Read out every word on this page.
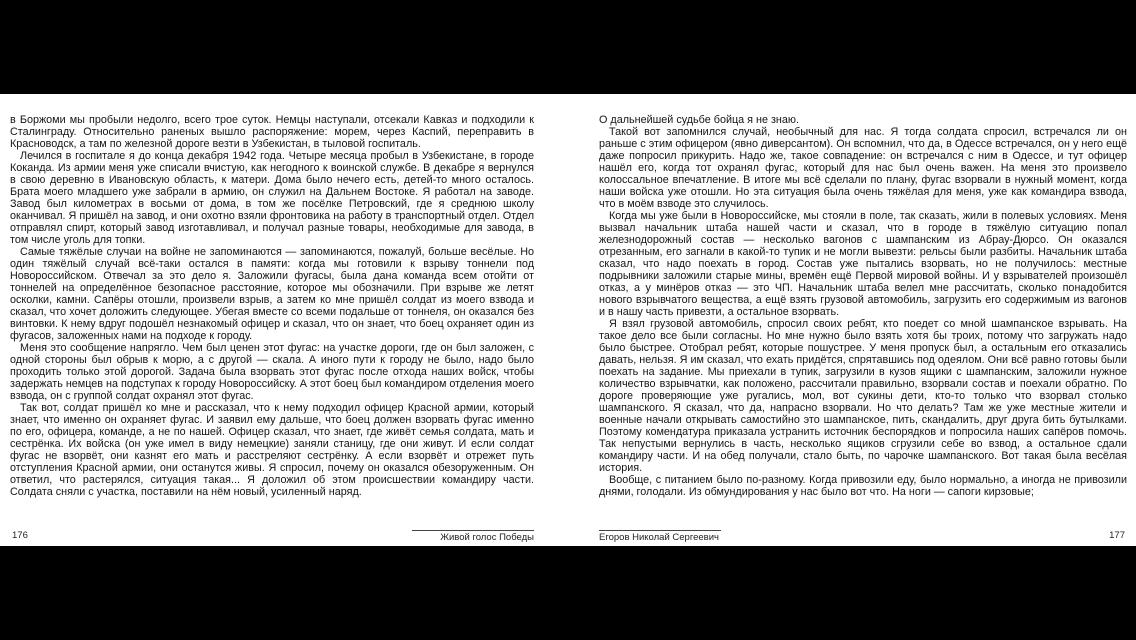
в Боржоми мы пробыли недолго, всего трое суток. Немцы наступали, отсекали Кавказ и подходили к Сталинграду. Относительно раненых вышло распоряжение: морем, через Каспий, переправить в Красноводск, а там по железной дороге везти в Узбекистан, в тыловой госпиталь.

Лечился в госпитале я до конца декабря 1942 года. Четыре месяца пробыл в Узбекистане, в городе Коканда. Из армии меня уже списали вчистую, как негодного к воинской службе. В декабре я вернулся в свою деревню в Ивановскую область, к матери. Дома было нечего есть, детей-то много осталось. Брата моего младшего уже забрали в армию, он служил на Дальнем Востоке. Я работал на заводе. Завод был километрах в восьми от дома, в том же посёлке Петровский, где я среднюю школу оканчивал. Я пришёл на завод, и они охотно взяли фронтовика на работу в транспортный отдел. Отдел отправлял спирт, который завод изготавливал, и получал разные товары, необходимые для завода, в том числе уголь для топки.

Самые тяжёлые случаи на войне не запоминаются — запоминаются, пожалуй, больше весёлые. Но один тяжёлый случай всё-таки остался в памяти: когда мы готовили к взрыву тоннели под Новороссийском. Отвечал за это дело я. Заложили фугасы, была дана команда всем отойти от тоннелей на определённое безопасное расстояние, которое мы обозначили. При взрыве же летят осколки, камни. Сапёры отошли, произвели взрыв, а затем ко мне пришёл солдат из моего взвода и сказал, что хочет доложить следующее. Убегая вместе со всеми подальше от тоннеля, он оказался без винтовки. К нему вдруг подошёл незнакомый офицер и сказал, что он знает, что боец охраняет один из фугасов, заложенных нами на подходе к городу.

Меня это сообщение напрягло. Чем был ценен этот фугас: на участке дороги, где он был заложен, с одной стороны был обрыв к морю, а с другой — скала. А иного пути к городу не было, надо было проходить только этой дорогой. Задача была взорвать этот фугас после отхода наших войск, чтобы задержать немцев на подступах к городу Новороссийску. А этот боец был командиром отделения моего взвода, он с группой солдат охранял этот фугас.

Так вот, солдат пришёл ко мне и рассказал, что к нему подходил офицер Красной армии, который знает, что именно он охраняет фугас. И заявил ему дальше, что боец должен взорвать фугас именно по его, офицера, команде, а не по нашей. Офицер сказал, что знает, где живёт семья солдата, мать и сестрёнка. Их войска (он уже имел в виду немецкие) заняли станицу, где они живут. И если солдат фугас не взорвёт, они казнят его мать и расстреляют сестрёнку. А если взорвёт и отрежет путь отступления Красной армии, они останутся живы. Я спросил, почему он оказался обезоруженным. Он ответил, что растерялся, ситуация такая... Я доложил об этом происшествии командиру части. Солдата сняли с участка, поставили на нём новый, усиленный наряд.

176	Живой голос Победы

О дальнейшей судьбе бойца я не знаю.

Такой вот запомнился случай, необычный для нас. Я тогда солдата спросил, встречался ли он раньше с этим офицером (явно диверсантом). Он вспомнил, что да, в Одессе встречался, он у него ещё даже попросил прикурить. Надо же, такое совпадение: он встречался с ним в Одессе, и тут офицер нашёл его, когда тот охранял фугас, который для нас был очень важен. На меня это произвело колоссальное впечатление. В итоге мы всё сделали по плану, фугас взорвали в нужный момент, когда наши войска уже отошли. Но эта ситуация была очень тяжёлая для меня, уже как командира взвода, что в моём взводе это случилось.

Когда мы уже были в Новороссийске, мы стояли в поле, так сказать, жили в полевых условиях. Меня вызвал начальник штаба нашей части и сказал, что в городе в тяжёлую ситуацию попал железнодорожный состав — несколько вагонов с шампанским из Абрау-Дюрсо. Он оказался отрезанным, его загнали в какой-то тупик и не могли вывезти: рельсы были разбиты. Начальник штаба сказал, что надо поехать в город. Состав уже пытались взорвать, но не получилось: местные подрывники заложили старые мины, времён ещё Первой мировой войны. И у взрывателей произошёл отказ, а у минёров отказ — это ЧП. Начальник штаба велел мне рассчитать, сколько понадобится нового взрывчатого вещества, а ещё взять грузовой автомобиль, загрузить его содержимым из вагонов и в нашу часть привезти, а остальное взорвать.

Я взял грузовой автомобиль, спросил своих ребят, кто поедет со мной шампанское взрывать. На такое дело все были согласны. Но мне нужно было взять хотя бы троих, потому что загружать надо было быстрее. Отобрал ребят, которые пошустрее. У меня пропуск был, а остальным его отказались давать, нельзя. Я им сказал, что ехать придётся, спрятавшись под одеялом. Они всё равно готовы были поехать на задание. Мы приехали в тупик, загрузили в кузов ящики с шампанским, заложили нужное количество взрывчатки, как положено, рассчитали правильно, взорвали состав и поехали обратно. По дороге проверяющие уже ругались, мол, вот сукины дети, кто-то только что взорвал столько шампанского. Я сказал, что да, напрасно взорвали. Но что делать? Там же уже местные жители и военные начали открывать самостийно это шампанское, пить, скандалить, друг друга бить бутылками. Поэтому комендатура приказала устранить источник беспорядков и попросила наших сапёров помочь. Так непустыми вернулись в часть, несколько ящиков сгрузили себе во взвод, а остальное сдали командиру части. И на обед получали, стало быть, по чарочке шампанского. Вот такая была весёлая история.

Вообще, с питанием было по-разному. Когда привозили еду, было нормально, а иногда не привозили днями, голодали. Из обмундирования у нас было вот что. На ноги — сапоги кирзовые;

Егоров Николай Сергеевич	177
